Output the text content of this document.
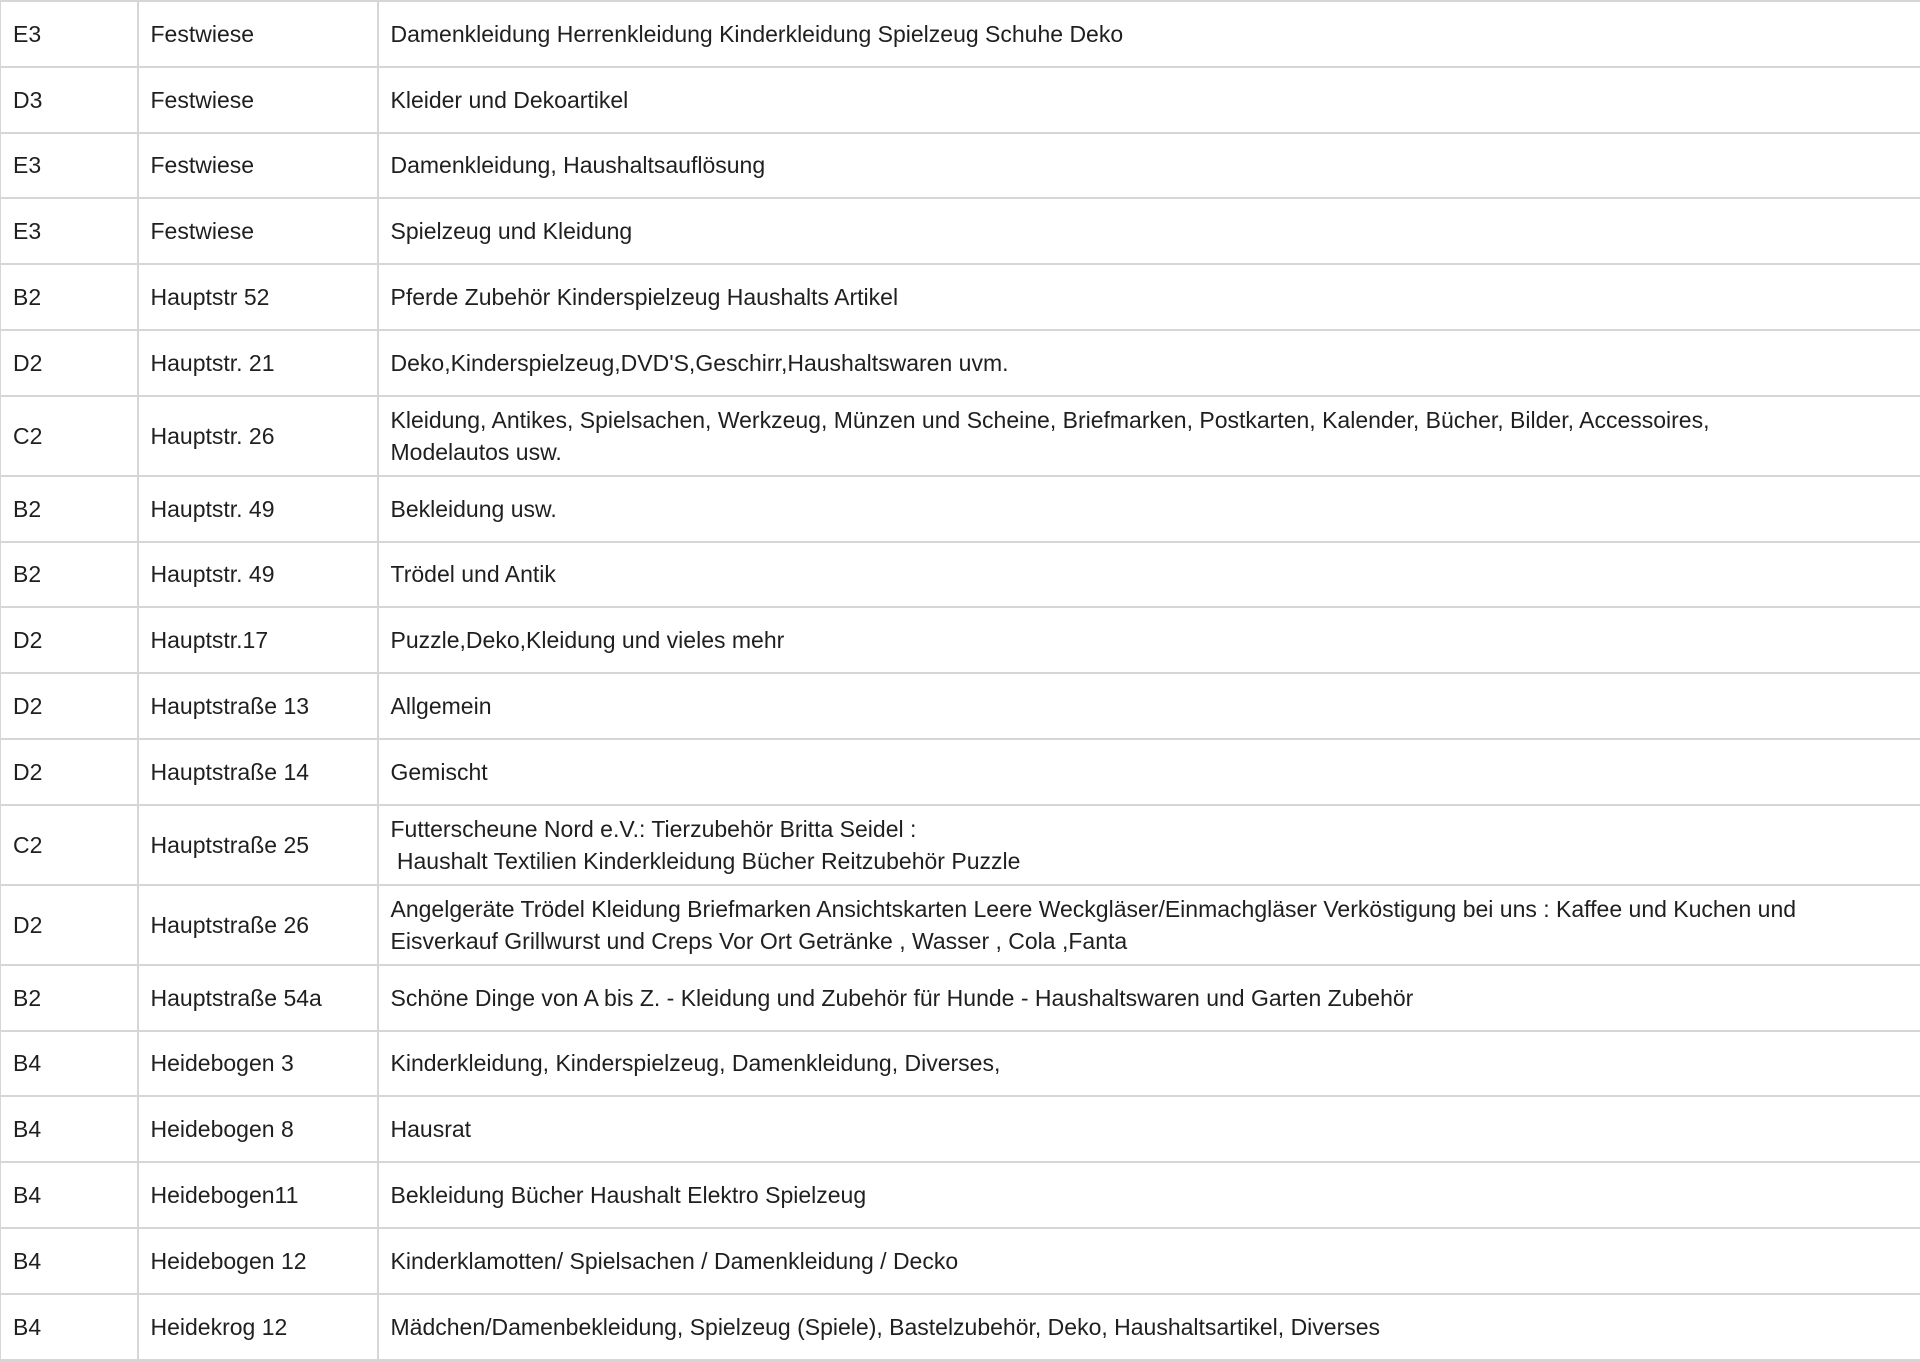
E3	Festwiese	Damenkleidung Herrenkleidung Kinderkleidung Spielzeug Schuhe Deko

D3	Festwiese	Kleider und Dekoartikel

E3	Festwiese	Damenkleidung, Haushaltsauflösung

E3	Festwiese	Spielzeug und Kleidung

B2	Hauptstr 52	Pferde Zubehör Kinderspielzeug Haushalts Artikel

D2	Hauptstr. 21	Deko,Kinderspielzeug,DVD'S,Geschirr,Haushaltswaren uvm.

C2	Hauptstr. 26	Kleidung, Antikes, Spielsachen, Werkzeug, Münzen und Scheine, Briefmarken, Postkarten, Kalender, Bücher, Bilder, Accessoires,
Modelautos usw.

B2	Hauptstr. 49	Bekleidung usw.

B2	Hauptstr. 49	Trödel und Antik

D2	Hauptstr.17	Puzzle,Deko,Kleidung und vieles mehr

D2	Hauptstraße 13	Allgemein

D2	Hauptstraße 14	Gemischt

C2	Hauptstraße 25	Futterscheune Nord e.V.: Tierzubehör Britta Seidel :
Haushalt Textilien Kinderkleidung Bücher Reitzubehör Puzzle

D2	Hauptstraße 26	Angelgeräte Trödel Kleidung Briefmarken Ansichtskarten Leere Weckgläser/Einmachgläser Verköstigung bei uns : Kaffee und Kuchen und
Eisverkauf Grillwurst und Creps Vor Ort Getränke , Wasser , Cola ,Fanta

B2	Hauptstraße 54a	Schöne Dinge von A bis Z. - Kleidung und Zubehör für Hunde - Haushaltswaren und Garten Zubehör

B4	Heidebogen 3	Kinderkleidung, Kinderspielzeug, Damenkleidung, Diverses,

B4	Heidebogen 8	Hausrat

B4	Heidebogen11	Bekleidung Bücher Haushalt Elektro Spielzeug

B4	Heidebogen 12	Kinderklamotten/ Spielsachen / Damenkleidung / Decko

B4	Heidekrog 12	Mädchen/Damenbekleidung, Spielzeug (Spiele), Bastelzubehör, Deko, Haushaltsartikel, Diverses
